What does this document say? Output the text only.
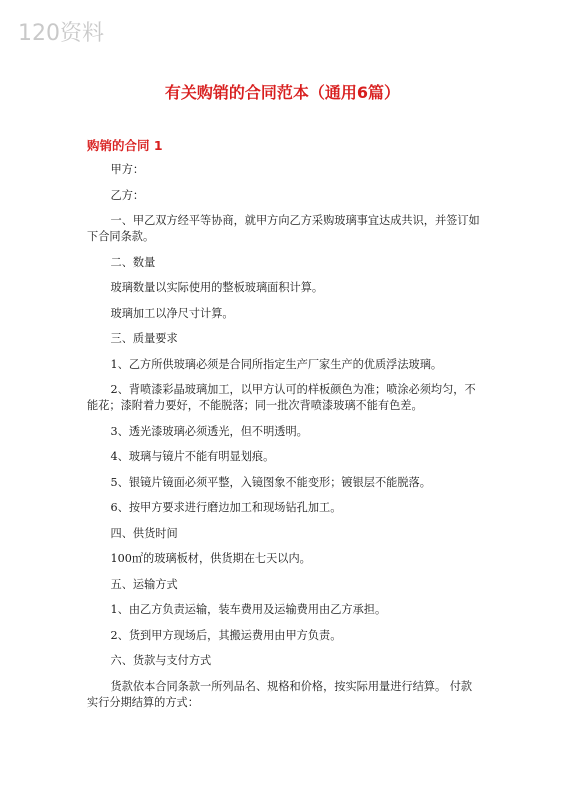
120资料
有关购销的合同范本（通用6篇）
购销的合同 1

甲方：

乙方：

一、甲乙双方经平等协商，就甲方向乙方采购玻璃事宜达成共识，并签订如下合同条款。

二、数量

玻璃数量以实际使用的整板玻璃面积计算。

玻璃加工以净尺寸计算。

三、质量要求

1、乙方所供玻璃必须是合同所指定生产厂家生产的优质浮法玻璃。

2、背喷漆彩晶玻璃加工，以甲方认可的样板颜色为准；喷涂必须均匀，不能花；漆附着力要好，不能脱落；同一批次背喷漆玻璃不能有色差。

3、透光漆玻璃必须透光，但不明透明。

4、玻璃与镜片不能有明显划痕。

5、银镜片镜面必须平整，入镜图象不能变形；镀银层不能脱落。

6、按甲方要求进行磨边加工和现场钻孔加工。

四、供货时间

100㎡的玻璃板材，供货期在七天以内。

五、运输方式

1、由乙方负责运输，装车费用及运输费用由乙方承担。

2、货到甲方现场后，其搬运费用由甲方负责。

六、货款与支付方式

货款依本合同条款一所列品名、规格和价格，按实际用量进行结算。 付款实行分期结算的方式：
